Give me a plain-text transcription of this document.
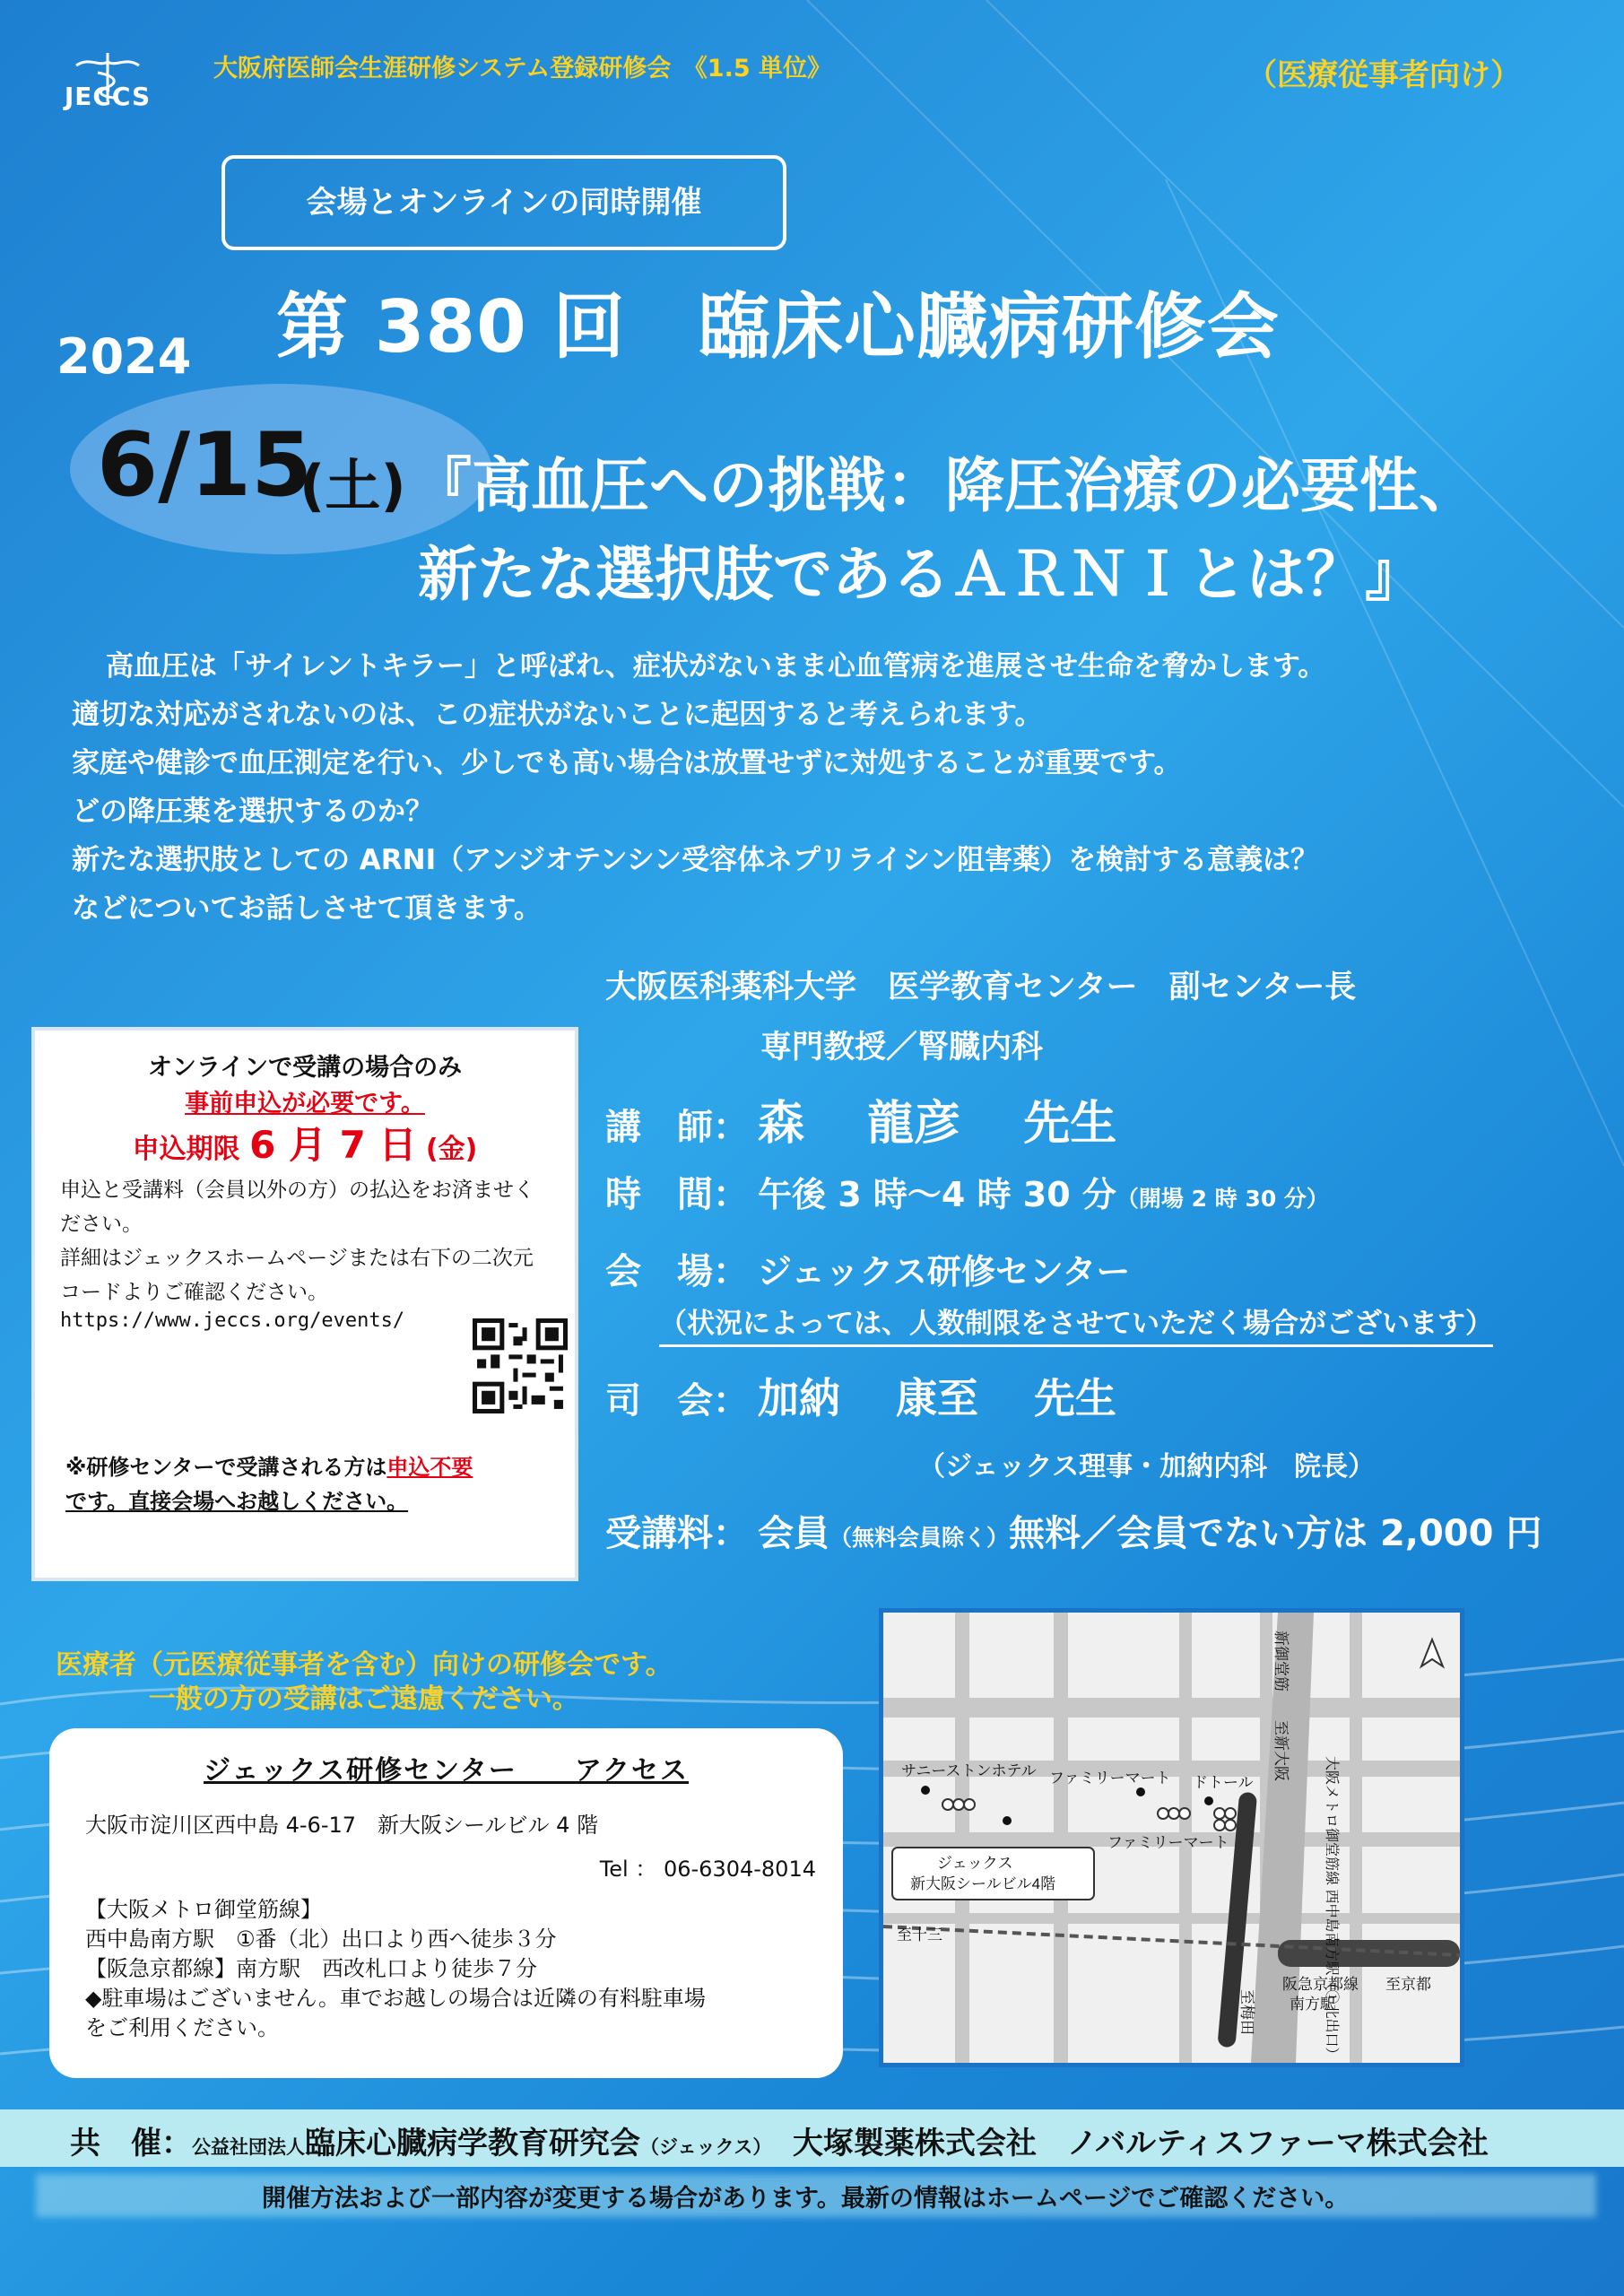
JECCS
大阪府医師会生涯研修システム登録研修会　《1.5 単位》	（医療従事者向け）
会場とオンラインの同時開催
第 380 回　臨床心臓病研修会
2024
6/15
(土) 『高血圧への挑戦：降圧治療の必要性、
新たな選択肢であるＡＲＮＩとは？』

高血圧は「サイレントキラー」と呼ばれ、症状がないまま心血管病を進展させ生命を脅かします。

適切な対応がされないのは、この症状がないことに起因すると考えられます。

家庭や健診で血圧測定を行い、少しでも高い場合は放置せずに対処することが重要です。

どの降圧薬を選択するのか？

新たな選択肢としての ARNI（アンジオテンシン受容体ネプリライシン阻害薬）を検討する意義は？

などについてお話しさせて頂きます。

オンラインで受講の場合のみ
事前申込が必要です。
申込期限 6 月 7 日 (金)
申込と受講料（会員以外の方）の払込をお済ませください。
詳細はジェックスホームページまたは右下の二次元コードよりご確認ください。
https://www.jeccs.org/events/
※研修センターで受講される方は申込不要
です。直接会場へお越しください。
大阪医科薬科大学　医学教育センター　副センター長
専門教授／腎臓内科
講　師： 森　 龍彦　 先生
時　間： 午後 3 時～4 時 30 分（開場 2 時 30 分）
会　場： ジェックス研修センター
（状況によっては、人数制限をさせていただく場合がございます）
司　会： 加納　 康至　 先生
（ジェックス理事・加納内科　院長）
受講料： 会員（無料会員除く）無料／会員でない方は 2,000 円
医療者（元医療従事者を含む）向けの研修会です。
一般の方の受講はご遠慮ください。
ジェックス研修センター　　アクセス
大阪市淀川区西中島 4-6-17　新大阪シールビル 4 階
Tel ： 06-6304-8014
【大阪メトロ御堂筋線】
西中島南方駅　①番（北）出口より西へ徒歩３分
【阪急京都線】南方駅　西改札口より徒歩７分
◆駐車場はございません。車でお越しの場合は近隣の有料駐車場
をご利用ください。
サニーストンホテル ファミリーマート ドトール
ファミリーマート
ジェックス
新大阪シールビル4階
至十三
阪急京都線
南方駅
至京都
新御堂筋
至新大阪
至梅田	大阪メトロ御堂筋線 西中島南方駅（①北出口）
共　催：公益社団法人臨床心臓病学教育研究会（ジェックス）　 大塚製薬株式会社　 ノバルティスファーマ株式会社
開催方法および一部内容が変更する場合があります。最新の情報はホームページでご確認ください。
